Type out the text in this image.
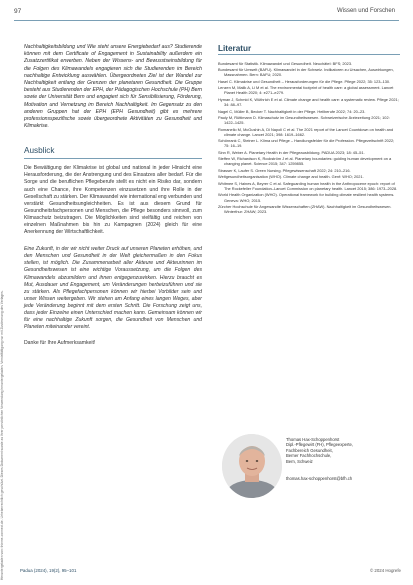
Heruntergeladen von: thieme-connect.de. Urheberrechtlich geschützt. Dieses Dokument wurde zu Ihrer persönlichen Verwendung heruntergeladen. Vervielfältigung nur mit Zustimmung des Verlages.
97	Wissen und Forschen

Nachhaltigkeitsbildung und Wie steht unsere Energiebedarf aus? Studierende können mit dem Certificate of Engagement in Sustainability außerdem ein Zusatzzertifikat erwerben. Neben der Wissens- und Bewusstseinsbildung für die Folgen des Klimawandels engagieren sich die Studierenden im Bereich nachhaltige Entwicklung auswählen. Übergeordnetes Ziel ist der Wandel zur Nachhaltigkeit entlang der Grenzen der planetaren Gesundheit. Die Gruppe besteht aus Studierenden der EPH, der Pädagogischen Hochschule (PH) Bern sowie der Universität Bern und engagiert sich für Sensibilisierung, Förderung, Motivation und Vernetzung im Bereich Nachhaltigkeit. Im Gegensatz zu den anderen Gruppen hat der EPH (EPH Gesundheit) gibt es mehrere professionsspezifische sowie übergeordnete Aktivitäten zu Gesundheit und Klimakrise.

Ausblick

Die Bewältigung der Klimakrise ist global und national in jeder Hinsicht eine Herausforderung, die der Anstrengung und des Einsatzes aller bedarf. Für die Sorge und die beruflichen Pflegeberufe stellt es nicht ein Risiko dar, sondern auch eine Chance, ihre Kompetenzen einzusetzen und ihre Rolle in der Gesellschaft zu stärken. Der Klimawandel wie international eng verbunden und verstärkt Gesundheitsungleichheiten. Es ist aus diesem Grund für Gesundheitsfachpersonen und Menschen, die Pflege besonders sinnvoll, zum Klimaschutz beizutragen. Die Möglichkeiten sind vielfältig und reichen von einzelnen Maßnahmen bis hin zu Kampagnen (2024) gleich für eine Anerkennung der Wirtschaftlichkeit.

Eine Zukunft, in der wir nicht weiter Druck auf unseren Planeten erhöhen, und den Menschen und Gesundheit in der Welt gleichermaßen in den Fokus stellen, ist möglich. Die Zusammenarbeit aller Akteure und Akteurinnen im Gesundheitswesen ist eine wichtige Voraussetzung, um die Folgen des Klimawandels abzumildern und ihnen entgegenzuwirken. Hierzu braucht es Mut, Ausdauer und Engagement, um Veränderungen herbeizuführen und sie zu stärken. Als Pflegefachpersonen können wir hierbei Vorbilder sein und unser Wissen weitergeben. Wir stehen am Anfang eines langen Weges, aber jede Veränderung beginnt mit dem ersten Schritt. Die Forschung zeigt uns, dass jeder Einzelne einen Unterschied machen kann. Gemeinsam können wir für eine nachhaltige Zukunft sorgen, die Gesundheit von Menschen und Planeten miteinander vereint.

Danke für Ihre Aufmerksamkeit!

Literatur

Bundesamt für Statistik. Klimawandel und Gesundheit. Neuchâtel: BFS; 2023.

Bundesamt für Umwelt (BAFU). Klimawandel in der Schweiz. Indikatoren zu Ursachen, Auswirkungen, Massnahmen. Bern: BAFU; 2020.

Hasel C. Klimakrise und Gesundheit – Herausforderungen für die Pflege. Pflege 2022; 35: 123–130.

Lenzen M, Malik A, Li M et al. The environmental footprint of health care: a global assessment. Lancet Planet Health 2020; 4: e271–e279.

Hyman J, Schmid K, Wüthrich E et al. Climate change and health care: a systematic review. Pflege 2021; 34: 88–97.

Nagel C, Müller B, Becker T. Nachhaltigkeit in der Pflege. Heilberufe 2022; 74: 20–23.

Pauly M, Rüttimann D. Klimaschutz im Gesundheitswesen. Schweizerische Ärztezeitung 2021; 102: 1422–1425.

Romanello M, McGushin A, Di Napoli C et al. The 2021 report of the Lancet Countdown on health and climate change. Lancet 2021; 398: 1619–1662.

Schönrank C, Steiner L. Klima und Pflege – Handlungsfelder für die Profession. Pflegezeitschrift 2022; 75: 16–19.

Sinn R, Weber A. Planetary Health in der Pflegeausbildung. PADUA 2023; 18: 45–51.

Steffen W, Richardson K, Rockström J et al. Planetary boundaries: guiding human development on a changing planet. Science 2015; 347: 1259855.

Strasser K, Laufer S. Green Nursing. Pflegewissenschaft 2022; 24: 210–216.

Weltgesundheitsorganisation (WHO). Climate change and health. Genf: WHO; 2021.

Whitmee S, Haines A, Beyrer C et al. Safeguarding human health in the Anthropocene epoch: report of The Rockefeller Foundation–Lancet Commission on planetary health. Lancet 2015; 386: 1973–2028.

World Health Organization (WHO). Operational framework for building climate resilient health systems. Geneva: WHO; 2015.

Zürcher Hochschule für Angewandte Wissenschaften (ZHAW). Nachhaltigkeit im Gesundheitswesen. Winterthur: ZHAW; 2023.

Thomas Hax-Schoppenhorst

Dipl.-Pflegewirt (FH), Pflegeexperte,

Fachbereich Gesundheit,

Berner Fachhochschule,

Bern, Schweiz

thomas.hax-schoppenhorst@bfh.ch

Padua (2024), 19(2), 95–101	© 2024 Hogrefe
